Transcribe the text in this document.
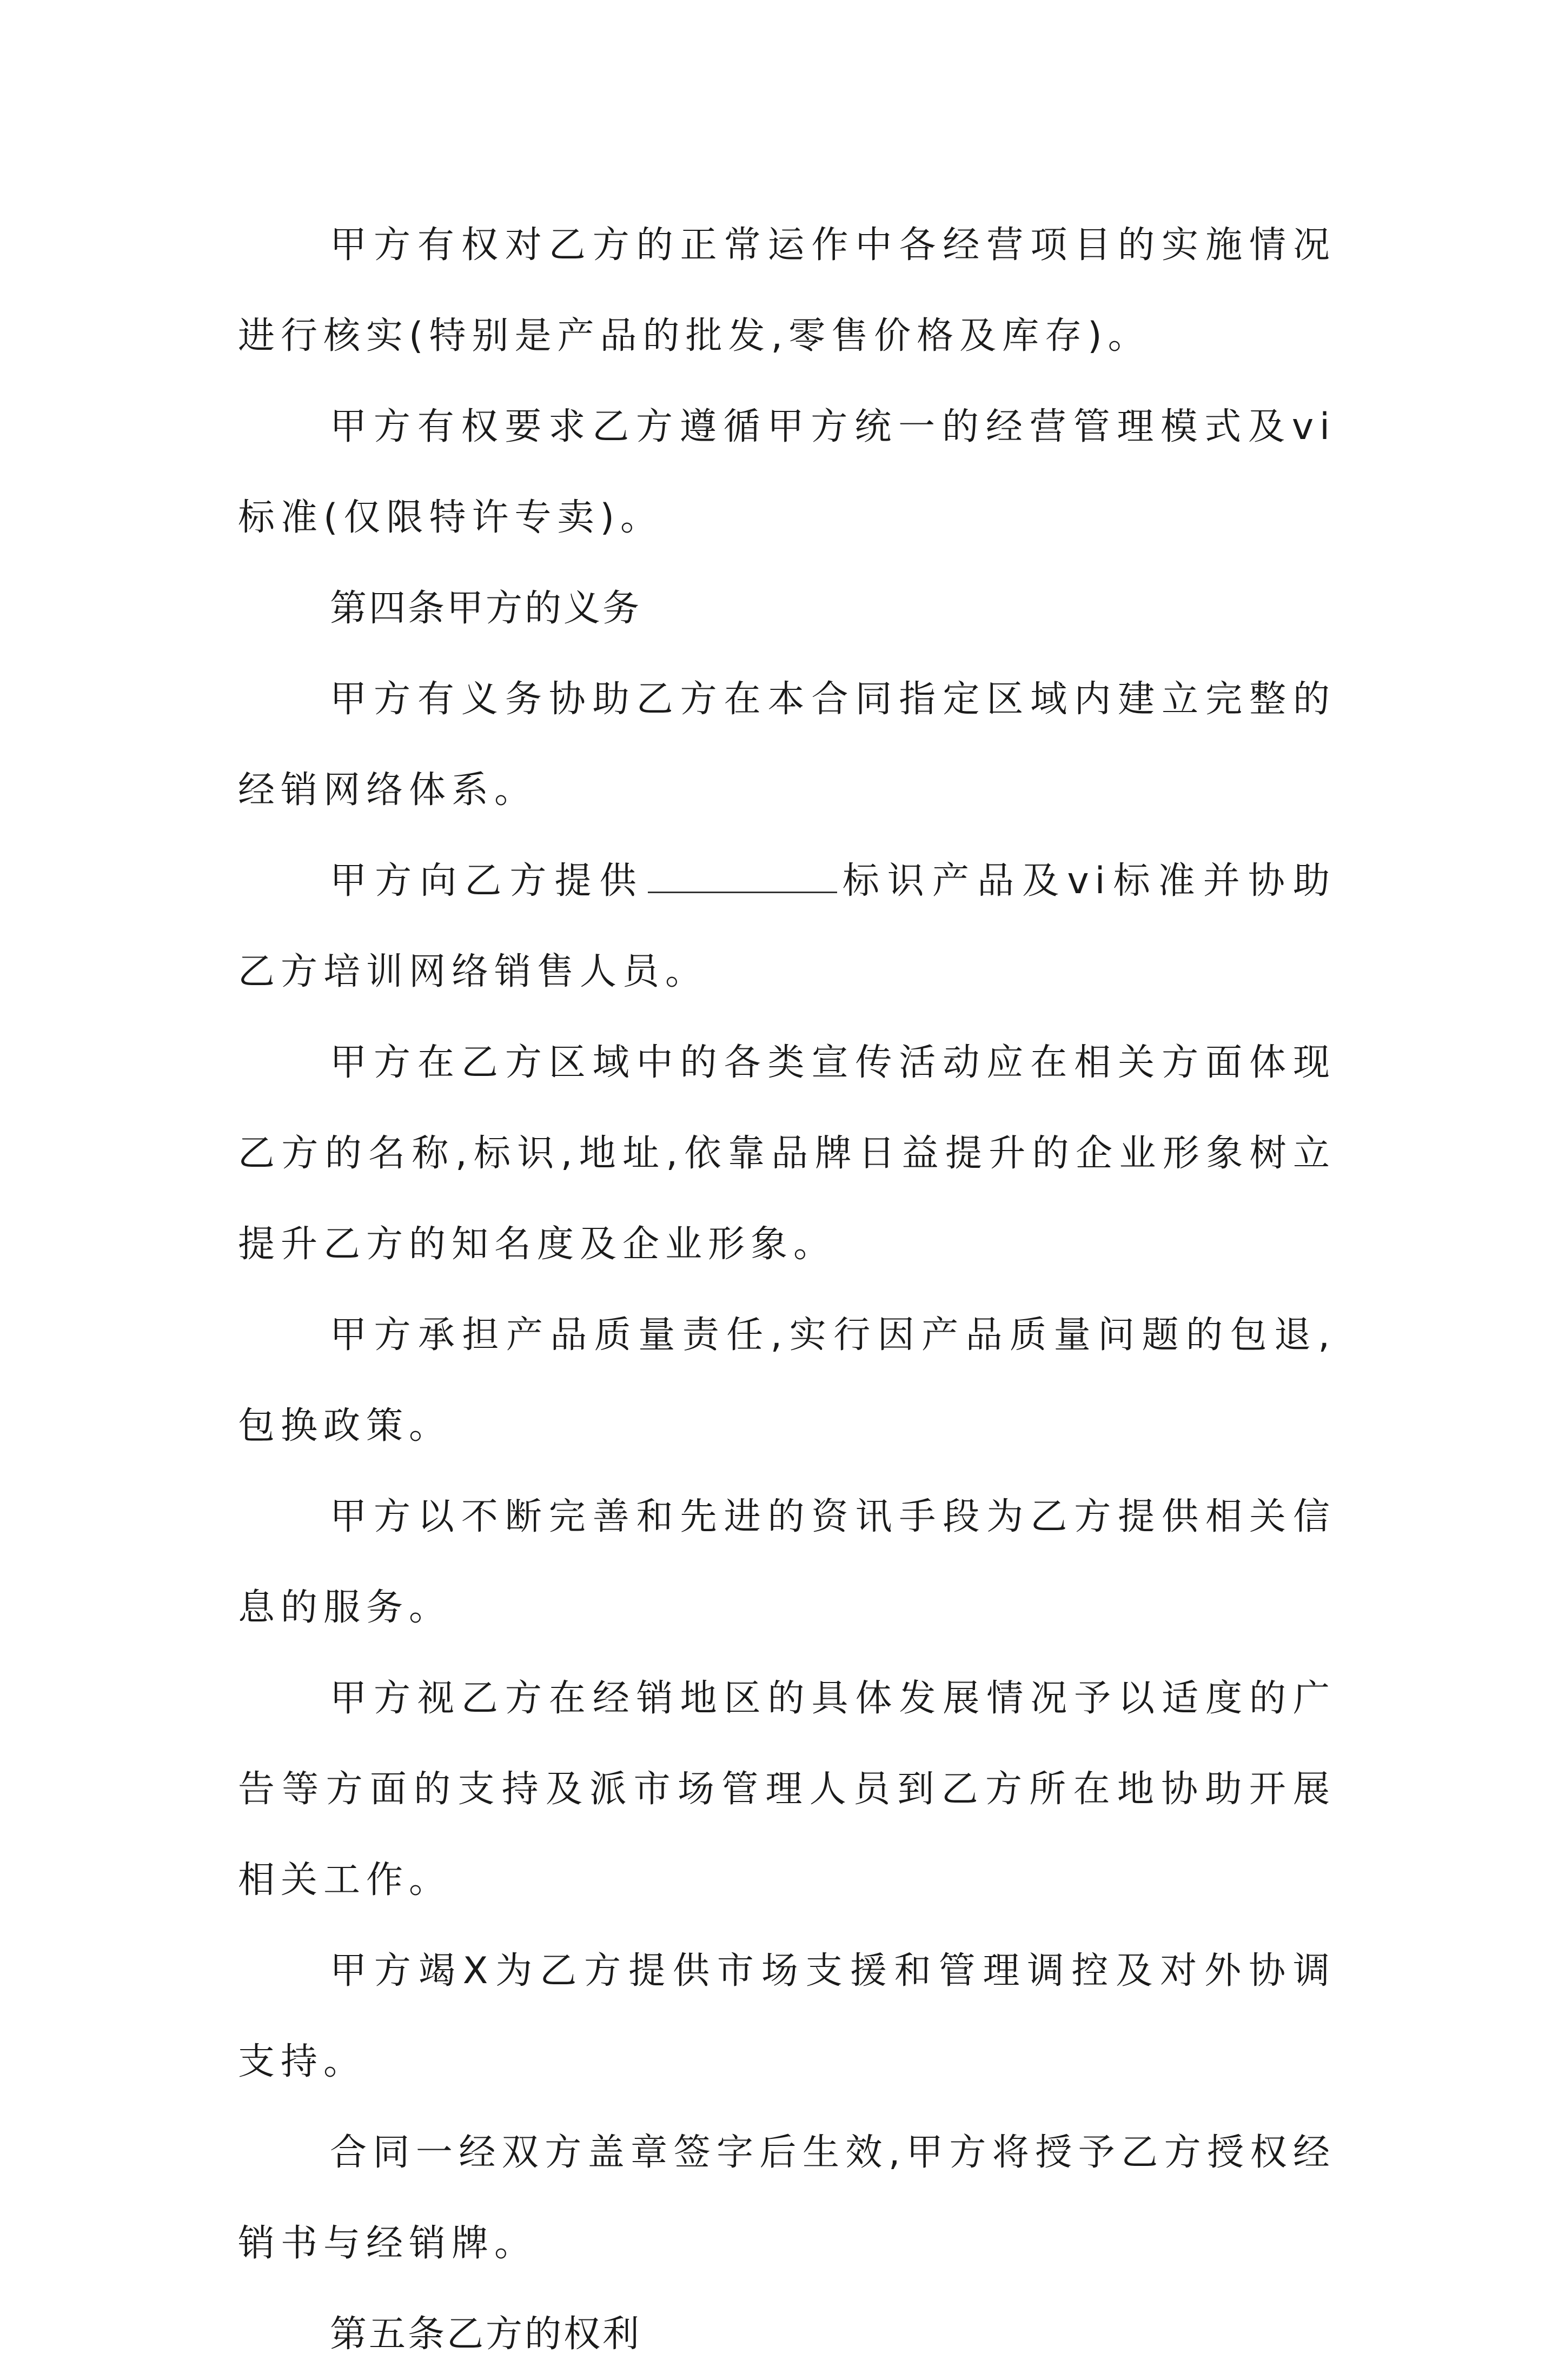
甲方有权对乙方的正常运作中各经营项目的实施情况进行核实(特别是产品的批发,零售价格及库存)。

甲方有权要求乙方遵循甲方统一的经营管理模式及vi标准(仅限特许专卖)。

第四条甲方的义务

甲方有义务协助乙方在本合同指定区域内建立完整的经销网络体系。

甲方向乙方提供	标识产品及vi标准并协助乙方培训网络销售人员。

甲方在乙方区域中的各类宣传活动应在相关方面体现乙方的名称,标识,地址,依靠品牌日益提升的企业形象树立提升乙方的知名度及企业形象。

甲方承担产品质量责任,实行因产品质量问题的包退,包换政策。

甲方以不断完善和先进的资讯手段为乙方提供相关信息的服务。

甲方视乙方在经销地区的具体发展情况予以适度的广告等方面的支持及派市场管理人员到乙方所在地协助开展相关工作。

甲方竭X为乙方提供市场支援和管理调控及对外协调支持。

合同一经双方盖章签字后生效,甲方将授予乙方授权经销书与经销牌。

第五条乙方的权利
